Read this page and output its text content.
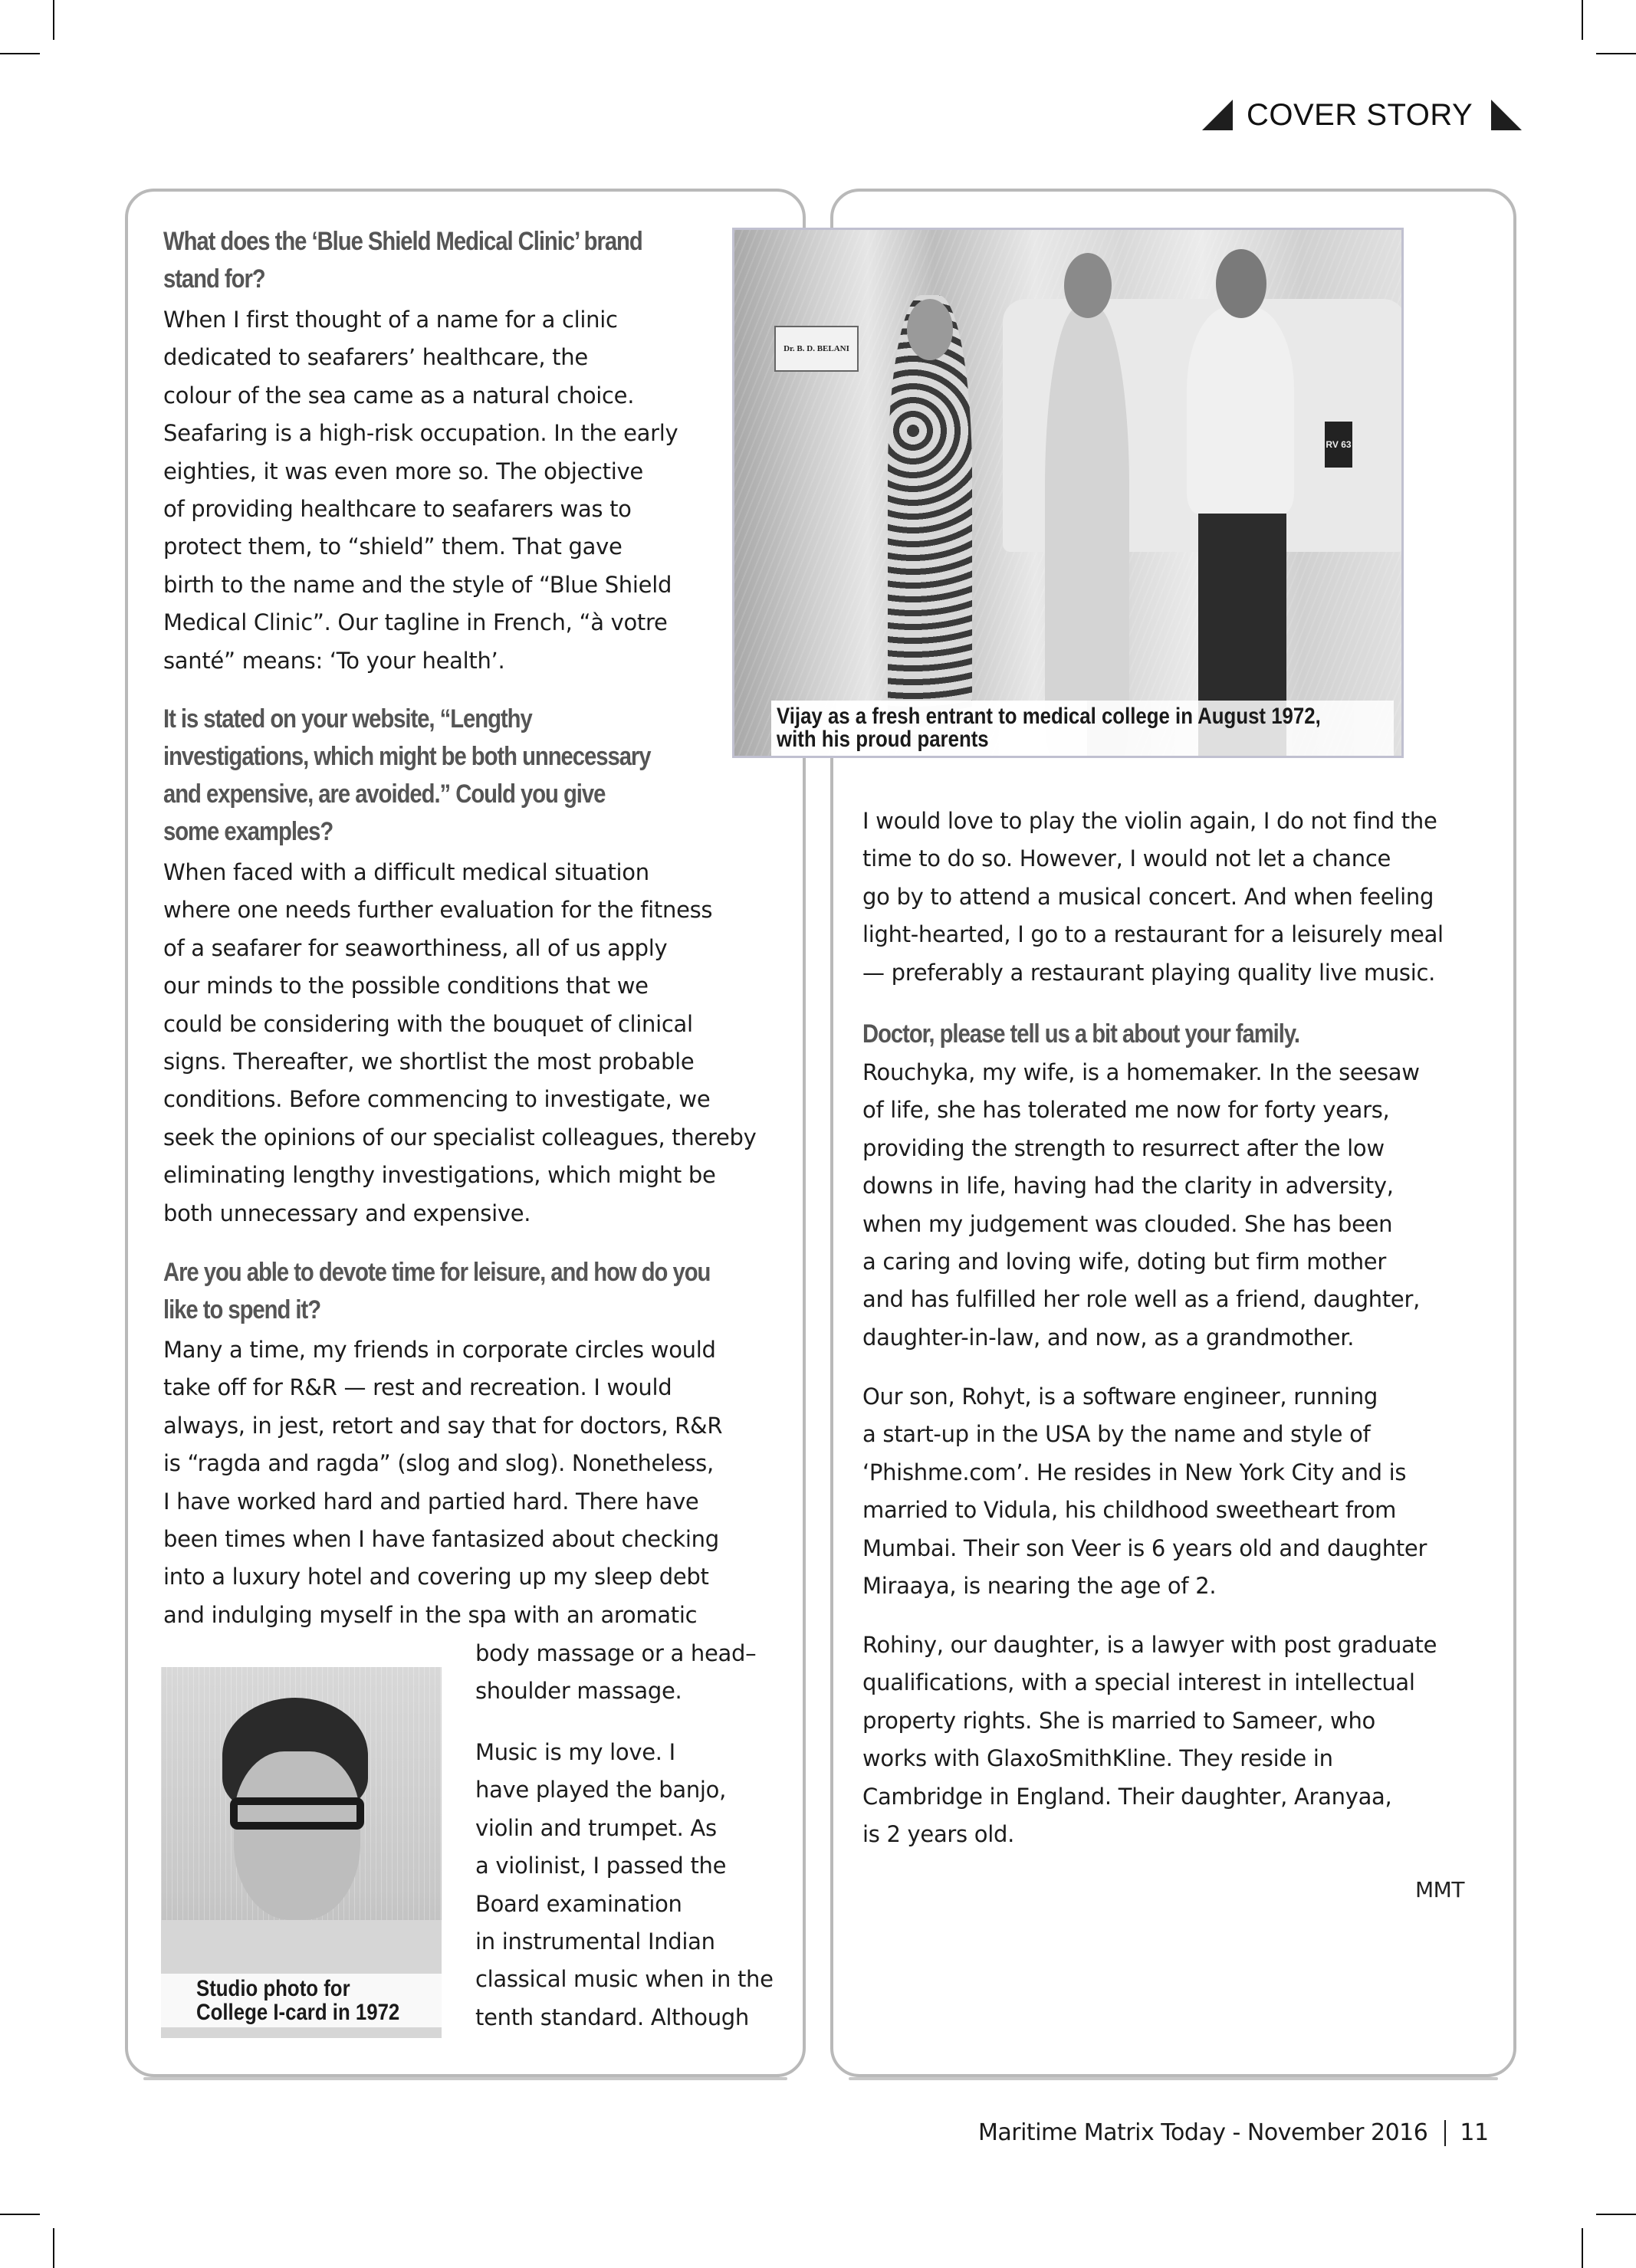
COVER STORY
What does the ‘Blue Shield Medical Clinic’ brand
stand for?
When I first thought of a name for a clinic
dedicated to seafarers’ healthcare, the
colour of the sea came as a natural choice.
Seafaring is a high-risk occupation. In the early
eighties, it was even more so. The objective
of providing healthcare to seafarers was to
protect them, to “shield” them. That gave
birth to the name and the style of “Blue Shield
Medical Clinic”. Our tagline in French, “à votre
santé” means: ‘To your health’.
It is stated on your website, “Lengthy
investigations, which might be both unnecessary
and expensive, are avoided.” Could you give
some examples?
When faced with a difficult medical situation
where one needs further evaluation for the fitness
of a seafarer for seaworthiness, all of us apply
our minds to the possible conditions that we
could be considering with the bouquet of clinical
signs. Thereafter, we shortlist the most probable
conditions. Before commencing to investigate, we
seek the opinions of our specialist colleagues, thereby
eliminating lengthy investigations, which might be
both unnecessary and expensive.
Are you able to devote time for leisure, and how do you
like to spend it?
Many a time, my friends in corporate circles would
take off for R&R — rest and recreation. I would
always, in jest, retort and say that for doctors, R&R
is “ragda and ragda” (slog and slog). Nonetheless,
I have worked hard and partied hard. There have
been times when I have fantasized about checking
into a luxury hotel and covering up my sleep debt
and indulging myself in the spa with an aromatic
body massage or a head–
shoulder massage.
Music is my love. I
have played the banjo,
violin and trumpet. As
a violinist, I passed the
Board examination
in instrumental Indian
classical music when in the
tenth standard. Although
Studio photo for
College I-card in 1972
Dr. B. D. BELANI
RV 63
Vijay as a fresh entrant to medical college in August 1972,
with his proud parents
I would love to play the violin again, I do not find the
time to do so. However, I would not let a chance
go by to attend a musical concert. And when feeling
light-hearted, I go to a restaurant for a leisurely meal
— preferably a restaurant playing quality live music.
Doctor, please tell us a bit about your family.
Rouchyka, my wife, is a homemaker. In the seesaw
of life, she has tolerated me now for forty years,
providing the strength to resurrect after the low
downs in life, having had the clarity in adversity,
when my judgement was clouded. She has been
a caring and loving wife, doting but firm mother
and has fulfilled her role well as a friend, daughter,
daughter-in-law, and now, as a grandmother.
Our son, Rohyt, is a software engineer, running
a start-up in the USA by the name and style of
‘Phishme.com’. He resides in New York City and is
married to Vidula, his childhood sweetheart from
Mumbai. Their son Veer is 6 years old and daughter
Miraaya, is nearing the age of 2.
Rohiny, our daughter, is a lawyer with post graduate
qualifications, with a special interest in intellectual
property rights. She is married to Sameer, who
works with GlaxoSmithKline. They reside in
Cambridge in England. Their daughter, Aranyaa,
is 2 years old.
MMT
Maritime Matrix Today - November 2016 11
